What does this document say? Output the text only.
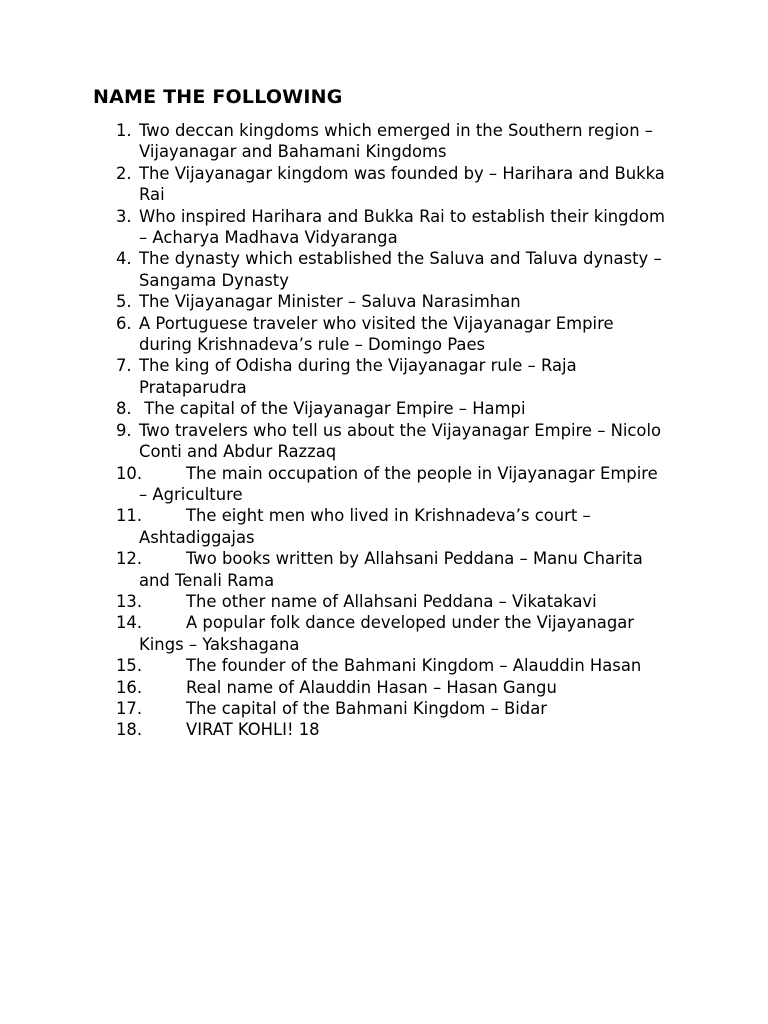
NAME THE FOLLOWING
1. Two deccan kingdoms which emerged in the Southern region – Vijayanagar and Bahamani Kingdoms
2. The Vijayanagar kingdom was founded by – Harihara and Bukka Rai
3. Who inspired Harihara and Bukka Rai to establish their kingdom – Acharya Madhava Vidyaranga
4. The dynasty which established the Saluva and Taluva dynasty – Sangama Dynasty
5. The Vijayanagar Minister – Saluva Narasimhan
6. A Portuguese traveler who visited the Vijayanagar Empire during Krishnadeva’s rule – Domingo Paes
7. The king of Odisha during the Vijayanagar rule – Raja Prataparudra
8. The capital of the Vijayanagar Empire – Hampi
9. Two travelers who tell us about the Vijayanagar Empire – Nicolo Conti and Abdur Razzaq
10.	The main occupation of the people in Vijayanagar Empire – Agriculture
11.	The eight men who lived in Krishnadeva’s court – Ashtadiggajas
12.	Two books written by Allahsani Peddana – Manu Charita and Tenali Rama
13.	The other name of Allahsani Peddana – Vikatakavi
14.	A popular folk dance developed under the Vijayanagar Kings – Yakshagana
15.	The founder of the Bahmani Kingdom – Alauddin Hasan
16.	Real name of Alauddin Hasan – Hasan Gangu
17.	The capital of the Bahmani Kingdom – Bidar
18.	VIRAT KOHLI! 18
